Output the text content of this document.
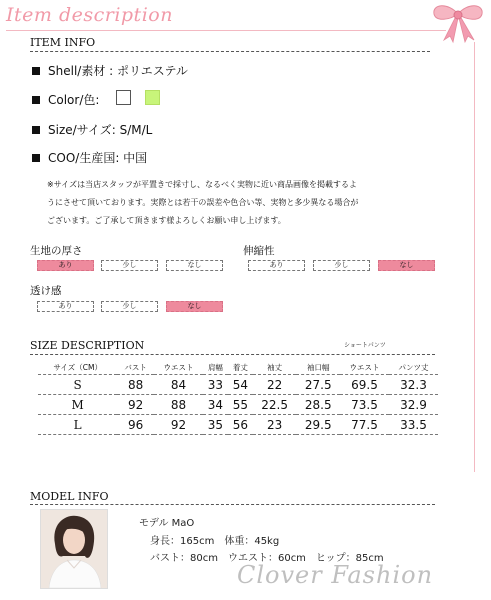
Item description
ITEM INFO
Shell/素材 : ポリエステル
Color/色:
Size/サイズ: S/M/L
COO/生産国: 中国
※サイズは当店スタッフが平置きで採寸し、なるべく実物に近い商品画像を掲載するよ
うにさせて頂いております。実際とは若干の誤差や色合い等、実物と多少異なる場合が
ございます。ご了承して頂きます様よろしくお願い申し上げます。
生地の厚さ
あり	少し	なし
伸縮性
あり	少し	なし
透け感
あり	少し	なし
SIZE DESCRIPTION	ショートパンツ
サイズ（CM）	バスト	ウエスト	肩幅	着丈	袖丈	袖口幅	ウエスト	パンツ丈
S	88	84	33	54	22	27.5	69.5	32.3
M	92	88	34	55	22.5	28.5	73.5	32.9
L	96	92	35	56	23	29.5	77.5	33.5
MODEL INFO
モデル MaO
身長：165cm　体重：45kg
バスト：80cm　ウエスト：60cm　ヒップ：85cm
Clover Fashion
